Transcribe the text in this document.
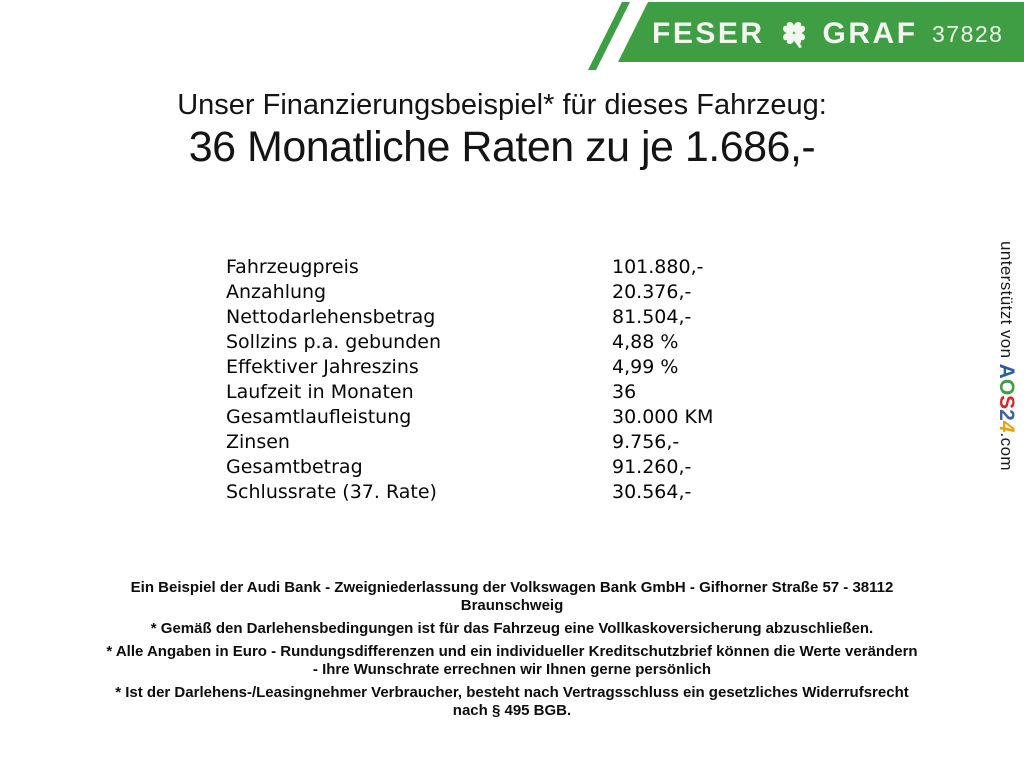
FESER GRAF 37828
Unser Finanzierungsbeispiel* für dieses Fahrzeug:
36 Monatliche Raten zu je 1.686,-
Fahrzeugpreis	101.880,-
Anzahlung	20.376,-
Nettodarlehensbetrag	81.504,-
Sollzins p.a. gebunden	4,88 %
Effektiver Jahreszins	4,99 %
Laufzeit in Monaten	36
Gesamtlaufleistung	30.000 KM
Zinsen	9.756,-
Gesamtbetrag	91.260,-
Schlussrate (37. Rate)	30.564,-
unterstützt von AOS24.com

Ein Beispiel der Audi Bank - Zweigniederlassung der Volkswagen Bank GmbH - Gifhorner Straße 57 - 38112
Braunschweig

* Gemäß den Darlehensbedingungen ist für das Fahrzeug eine Vollkaskoversicherung abzuschließen.

* Alle Angaben in Euro - Rundungsdifferenzen und ein individueller Kreditschutzbrief können die Werte verändern
- Ihre Wunschrate errechnen wir Ihnen gerne persönlich

* Ist der Darlehens-/Leasingnehmer Verbraucher, besteht nach Vertragsschluss ein gesetzliches Widerrufsrecht
nach § 495 BGB.
